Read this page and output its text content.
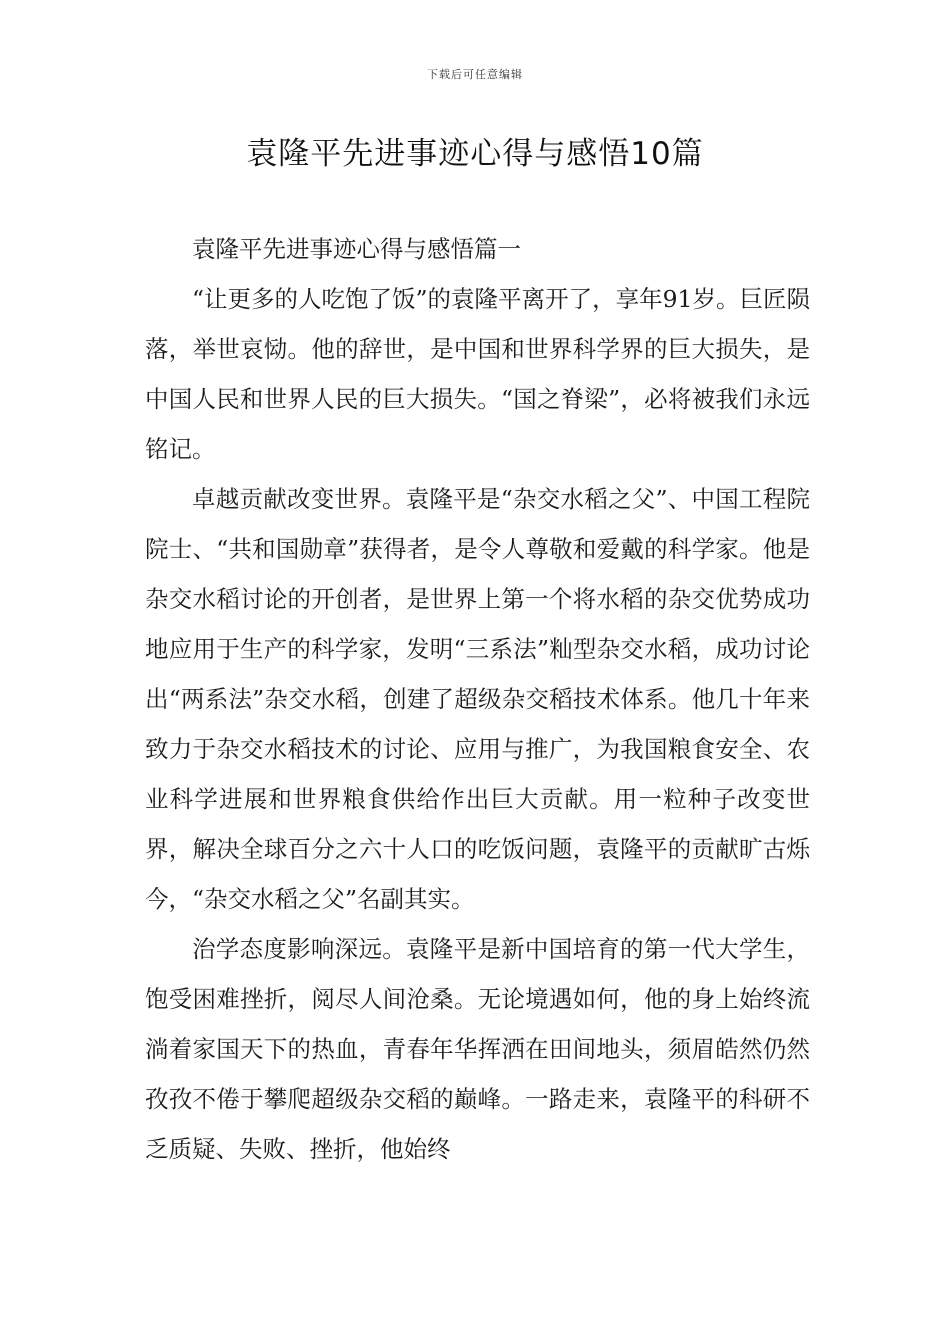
下载后可任意编辑
袁隆平先进事迹心得与感悟10篇

袁隆平先进事迹心得与感悟篇一

“让更多的人吃饱了饭”的袁隆平离开了，享年91岁。巨匠陨落，举世哀恸。他的辞世，是中国和世界科学界的巨大损失，是中国人民和世界人民的巨大损失。“国之脊梁”，必将被我们永远铭记。

卓越贡献改变世界。袁隆平是“杂交水稻之父”、中国工程院院士、“共和国勋章”获得者，是令人尊敬和爱戴的科学家。他是杂交水稻讨论的开创者，是世界上第一个将水稻的杂交优势成功地应用于生产的科学家，发明“三系法”籼型杂交水稻，成功讨论出“两系法”杂交水稻，创建了超级杂交稻技术体系。他几十年来致力于杂交水稻技术的讨论、应用与推广，为我国粮食安全、农业科学进展和世界粮食供给作出巨大贡献。用一粒种子改变世界，解决全球百分之六十人口的吃饭问题，袁隆平的贡献旷古烁今，“杂交水稻之父”名副其实。

治学态度影响深远。袁隆平是新中国培育的第一代大学生，饱受困难挫折，阅尽人间沧桑。无论境遇如何，他的身上始终流淌着家国天下的热血，青春年华挥洒在田间地头，须眉皓然仍然孜孜不倦于攀爬超级杂交稻的巅峰。一路走来，袁隆平的科研不乏质疑、失败、挫折，他始终
